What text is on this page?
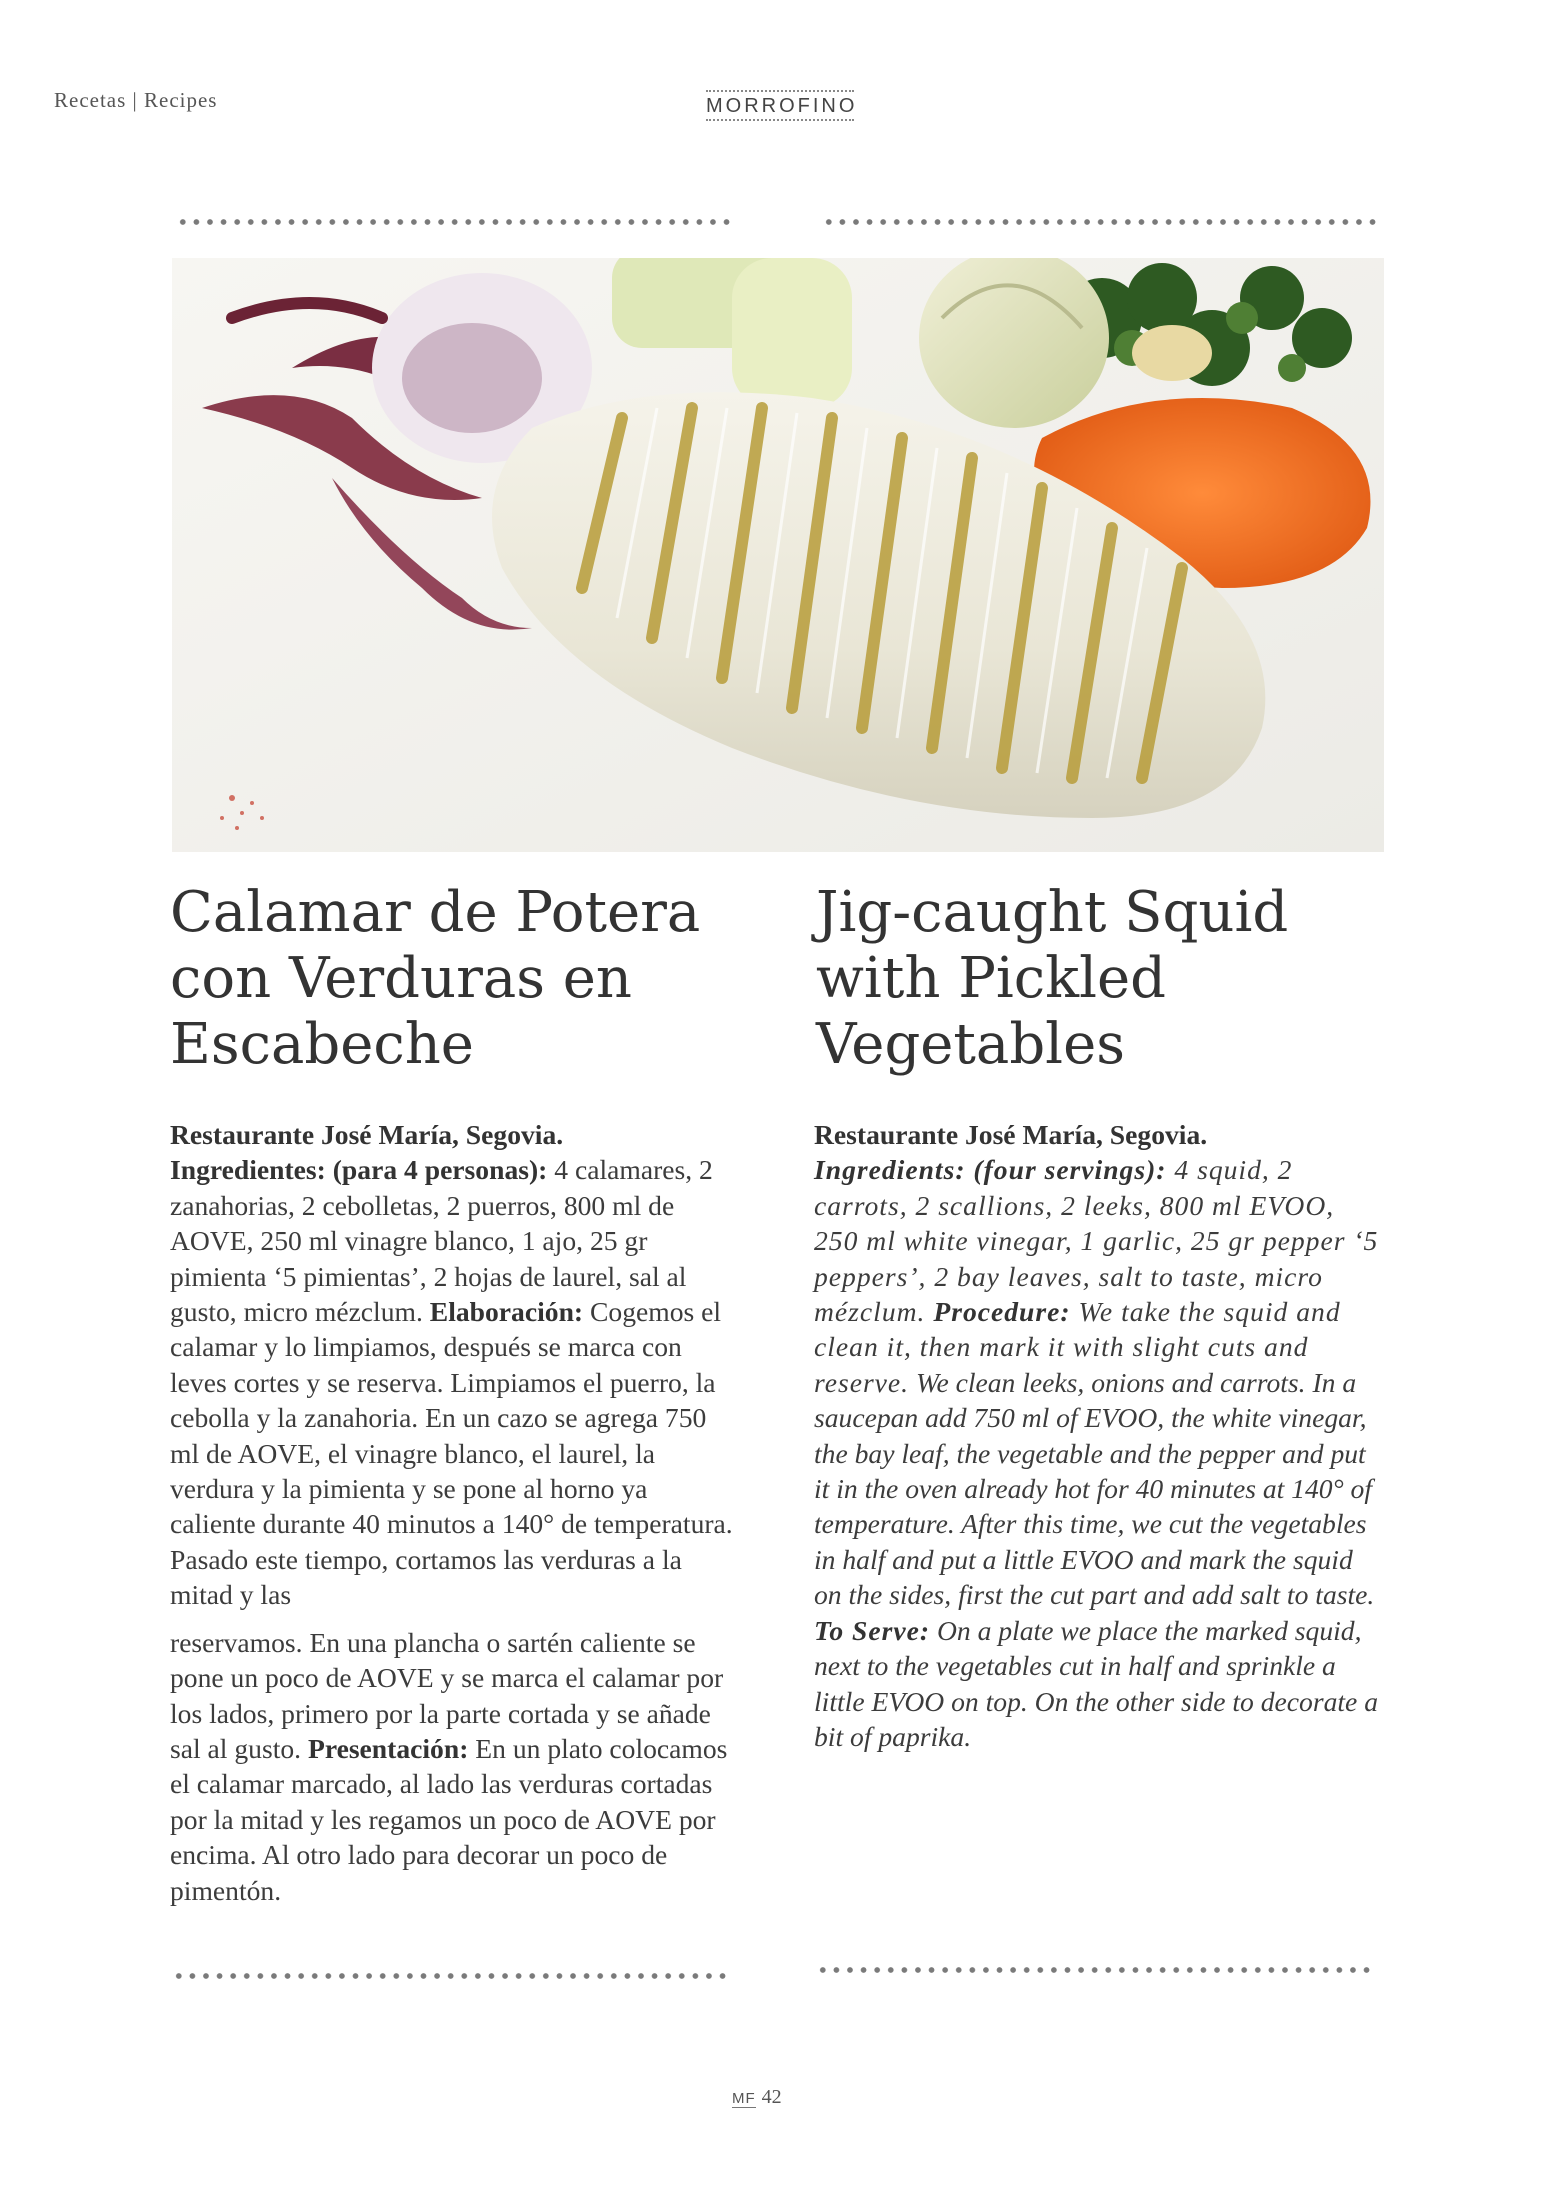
Recetas | Recipes	MORROFINO
Calamar de Potera
con Verduras en
Escabeche
Jig-caught Squid
with Pickled
Vegetables
Restaurante José María, Segovia.
Ingredientes: (para 4 personas): 4 calamares, 2 zanahorias, 2 cebolletas, 2 puerros, 800 ml de AOVE, 250 ml vinagre blanco, 1 ajo, 25 gr pimienta ‘5 pimientas’, 2 hojas de laurel, sal al gusto, micro mézclum. Elaboración: Cogemos el calamar y lo limpiamos, después se marca con leves cortes y se reserva. Limpiamos el puerro, la cebolla y la zanahoria. En un cazo se agrega 750 ml de AOVE, el vinagre blanco, el laurel, la verdura y la pimienta y se pone al horno ya caliente durante 40 minutos a 140° de temperatura. Pasado este tiempo, cortamos las verduras a la mitad y las
reservamos. En una plancha o sartén caliente se pone un poco de AOVE y se marca el calamar por los lados, primero por la parte cortada y se añade sal al gusto. Presentación: En un plato colocamos el calamar marcado, al lado las verduras cortadas por la mitad y les regamos un poco de AOVE por encima. Al otro lado para decorar un poco de pimentón.
Restaurante José María, Segovia.
Ingredients: (four servings): 4 squid, 2 carrots, 2 scallions, 2 leeks, 800 ml EVOO, 250 ml white vinegar, 1 garlic, 25 gr pepper ‘5 peppers’, 2 bay leaves, salt to taste, micro mézclum. Procedure: We take the squid and clean it, then mark it with slight cuts and reserve. We clean leeks, onions and carrots. In a saucepan add 750 ml of EVOO, the white vinegar, the bay leaf, the vegetable and the pepper and put it in the oven already hot for 40 minutes at 140° of temperature. After this time, we cut the vegetables in half and put a little EVOO and mark the squid on the sides, first the cut part and add salt to taste. To Serve: On a plate we place the marked squid, next to the vegetables cut in half and sprinkle a little EVOO on top. On the other side to decorate a bit of paprika.
MF 42
